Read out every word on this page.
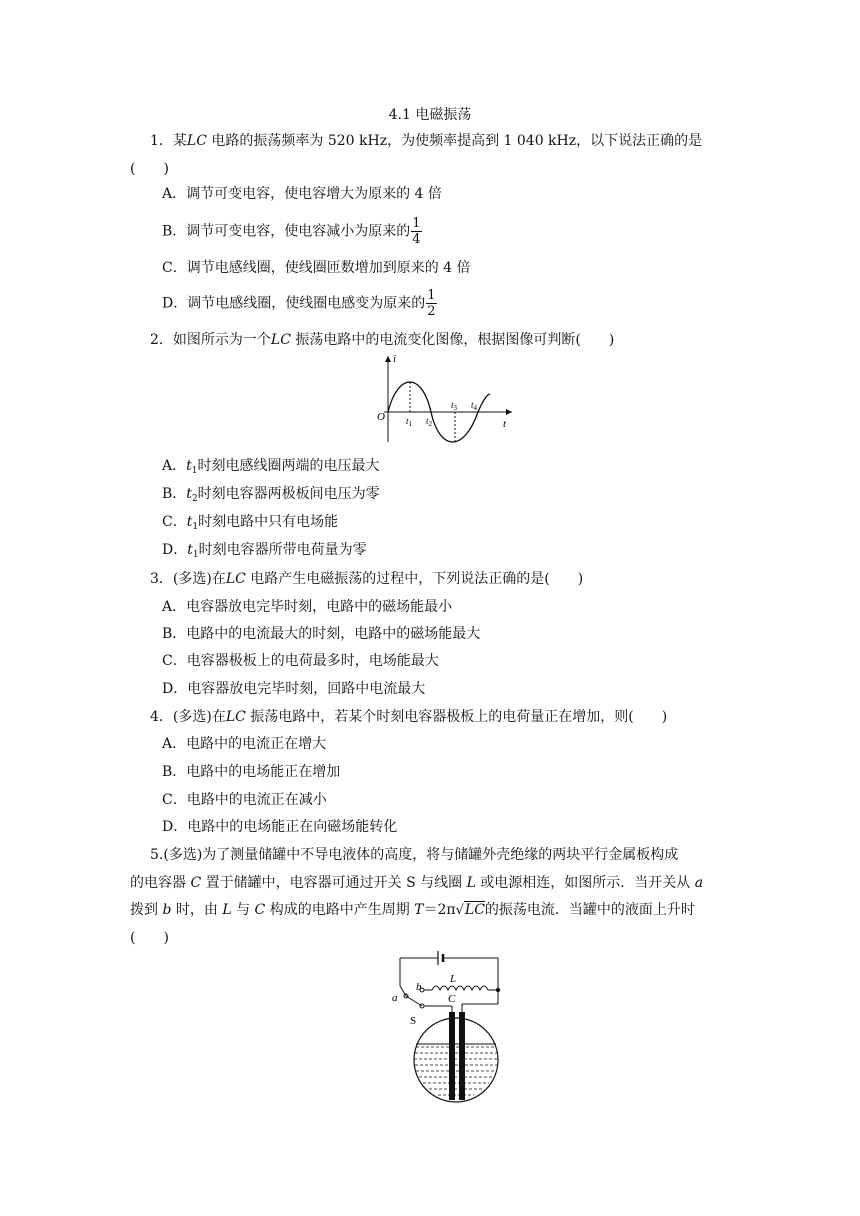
4.1 电磁振荡
1．某LC 电路的振荡频率为 520 kHz，为使频率提高到 1 040 kHz，以下说法正确的是
(　　)
A．调节可变电容，使电容增大为原来的 4 倍
B．调节可变电容，使电容减小为原来的 $\frac{1}{4}$
C．调节电感线圈，使线圈匝数增加到原来的 4 倍
D．调节电感线圈，使线圈电感变为原来的 $\frac{1}{2}$
2．如图所示为一个LC 振荡电路中的电流变化图像，根据图像可判断(　　)
i
O
t
$t_1$ $t_2$
$t_3$ $t_4$
A．$t_1$时刻电感线圈两端的电压最大
B．$t_2$时刻电容器两极板间电压为零
C．$t_1$时刻电路中只有电场能
D．$t_1$时刻电容器所带电荷量为零
3．(多选)在LC 电路产生电磁振荡的过程中，下列说法正确的是(　　)
A．电容器放电完毕时刻，电路中的磁场能最小
B．电路中的电流最大的时刻，电路中的磁场能最大
C．电容器极板上的电荷最多时，电场能最大
D．电容器放电完毕时刻，回路中电流最大
4．(多选)在LC 振荡电路中，若某个时刻电容器极板上的电荷量正在增加，则(　　)
A．电路中的电流正在增大
B．电路中的电场能正在增加
C．电路中的电流正在减小
D．电路中的电场能正在向磁场能转化
5.(多选)为了测量储罐中不导电液体的高度，将与储罐外壳绝缘的两块平行金属板构成
的电容器 C 置于储罐中，电容器可通过开关 S 与线圈 L 或电源相连，如图所示．当开关从 a
拨到 b 时，由 L 与 C 构成的电路中产生周期 T＝2π√LC的振荡电流．当罐中的液面上升时
(　　)
a
b
L
C
S
